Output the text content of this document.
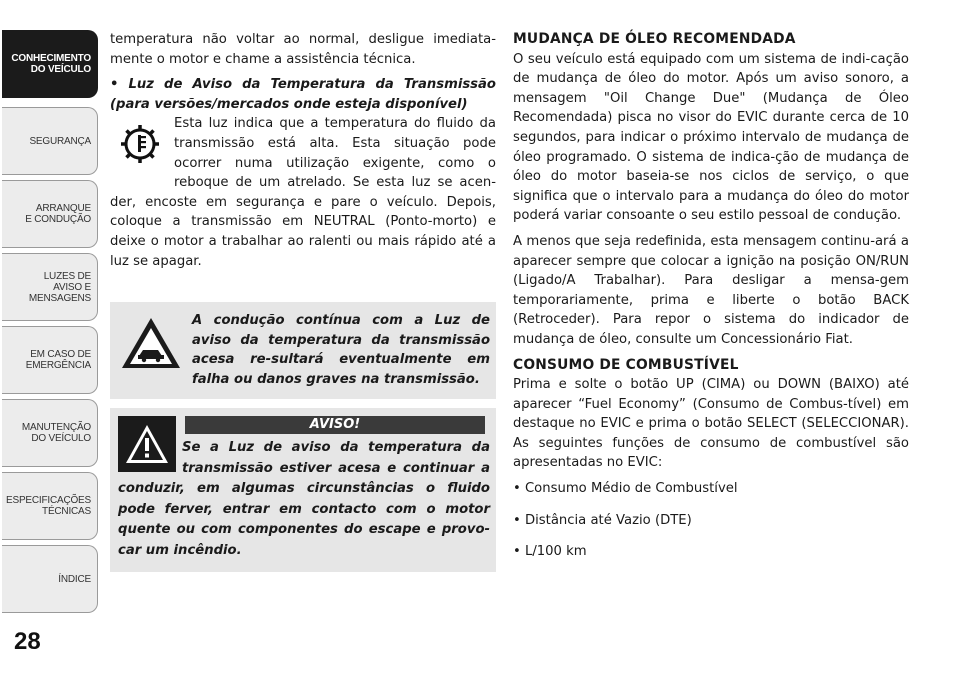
CONHECIMENTO
DO VEÍCULO
SEGURANÇA
ARRANQUE
E CONDUÇÃO
LUZES DE
AVISO E
MENSAGENS
EM CASO DE
EMERGÊNCIA
MANUTENÇÃO
DO VEÍCULO
ESPECIFICAÇÕES
TÉCNICAS
ÍNDICE
28

temperatura não voltar ao normal, desligue imediata-mente o motor e chame a assistência técnica.

• Luz de Aviso da Temperatura da Transmissão (para versões/mercados onde esteja disponível)

Esta luz indica que a temperatura do fluido da transmissão está alta. Esta situação pode ocorrer numa utilização exigente, como o reboque de um atrelado. Se esta luz se acen-der, encoste em segurança e pare o veículo. Depois, coloque a transmissão em NEUTRAL (Ponto-morto) e deixe o motor a trabalhar ao ralenti ou mais rápido até a luz se apagar.

A condução contínua com a Luz de aviso da temperatura da transmissão acesa re-sultará eventualmente em falha ou danos graves na transmissão.
AVISO!
Se a Luz de aviso da temperatura da transmissão estiver acesa e continuar a conduzir, em algumas circunstâncias o fluido pode ferver, entrar em contacto com o motor quente ou com componentes do escape e provo-car um incêndio.
MUDANÇA DE ÓLEO RECOMENDADA

O seu veículo está equipado com um sistema de indi-cação de mudança de óleo do motor. Após um aviso sonoro, a mensagem "Oil Change Due" (Mudança de Óleo Recomendada) pisca no visor do EVIC durante cerca de 10 segundos, para indicar o próximo intervalo de mudança de óleo programado. O sistema de indica-ção de mudança de óleo do motor baseia-se nos ciclos de serviço, o que significa que o intervalo para a mudança do óleo do motor poderá variar consoante o seu estilo pessoal de condução.

A menos que seja redefinida, esta mensagem continu-ará a aparecer sempre que colocar a ignição na posição ON/RUN (Ligado/A Trabalhar). Para desligar a mensa-gem temporariamente, prima e liberte o botão BACK (Retroceder). Para repor o sistema do indicador de mudança de óleo, consulte um Concessionário Fiat.

CONSUMO DE COMBUSTÍVEL

Prima e solte o botão UP (CIMA) ou DOWN (BAIXO) até aparecer “Fuel Economy” (Consumo de Combus-tível) em destaque no EVIC e prima o botão SELECT (SELECCIONAR). As seguintes funções de consumo de combustível são apresentadas no EVIC:

• Consumo Médio de Combustível
• Distância até Vazio (DTE)
• L/100 km
